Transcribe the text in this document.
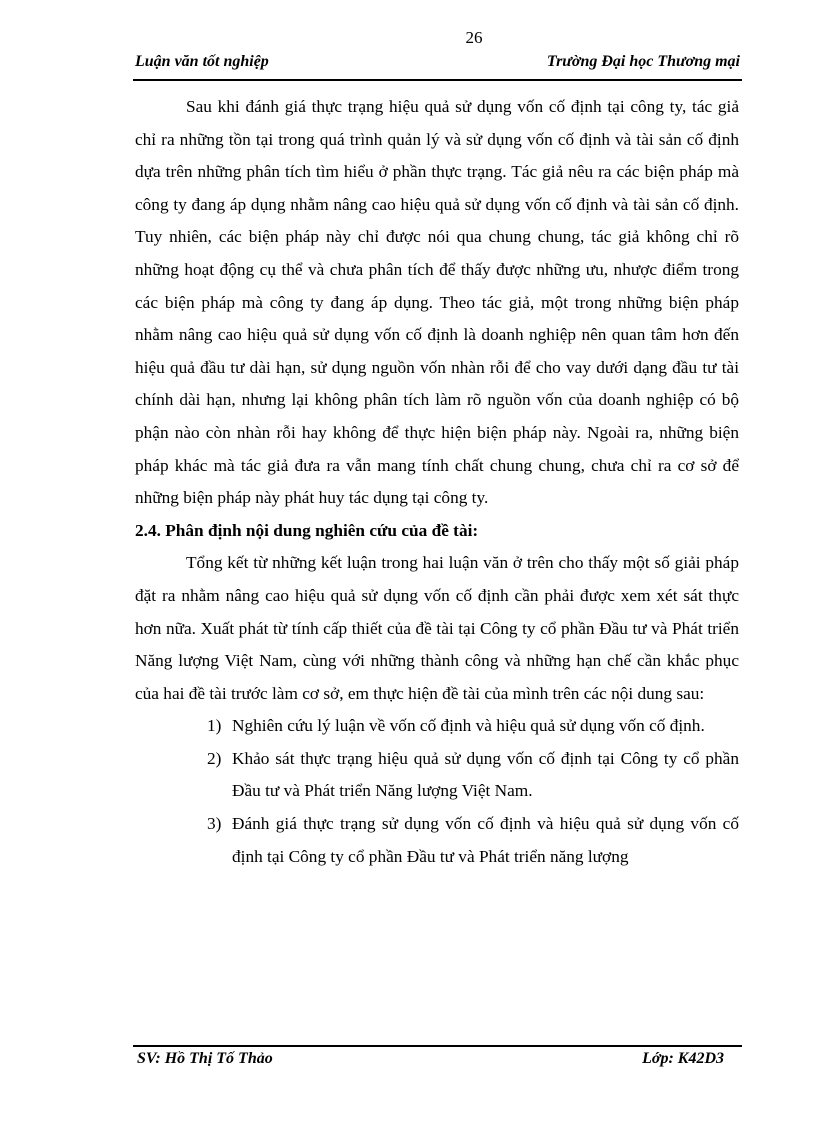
26
Luận văn tốt nghiệp	Trường Đại học Thương mại

Sau khi đánh giá thực trạng hiệu quả sử dụng vốn cố định tại công ty, tác giả chỉ ra những tồn tại trong quá trình quản lý và sử dụng vốn cố định và tài sản cố định dựa trên những phân tích tìm hiểu ở phần thực trạng. Tác giả nêu ra các biện pháp mà công ty đang áp dụng nhằm nâng cao hiệu quả sử dụng vốn cố định và tài sản cố định. Tuy nhiên, các biện pháp này chỉ được nói qua chung chung, tác giả không chỉ rõ những hoạt động cụ thể và chưa phân tích để thấy được những ưu, nhược điểm trong các biện pháp mà công ty đang áp dụng. Theo tác giả, một trong những biện pháp nhằm nâng cao hiệu quả sử dụng vốn cố định là doanh nghiệp nên quan tâm hơn đến hiệu quả đầu tư dài hạn, sử dụng nguồn vốn nhàn rỗi để cho vay dưới dạng đầu tư tài chính dài hạn, nhưng lại không phân tích làm rõ nguồn vốn của doanh nghiệp có bộ phận nào còn nhàn rỗi hay không để thực hiện biện pháp này. Ngoài ra, những biện pháp khác mà tác giả đưa ra vẫn mang tính chất chung chung, chưa chỉ ra cơ sở để những biện pháp này phát huy tác dụng tại công ty.

2.4. Phân định nội dung nghiên cứu của đề tài:

Tổng kết từ những kết luận trong hai luận văn ở trên cho thấy một số giải pháp đặt ra nhằm nâng cao hiệu quả sử dụng vốn cố định cần phải được xem xét sát thực hơn nữa. Xuất phát từ tính cấp thiết của đề tài tại Công ty cổ phần Đầu tư và Phát triển Năng lượng Việt Nam, cùng với những thành công và những hạn chế cần khắc phục của hai đề tài trước làm cơ sở, em thực hiện đề tài của mình trên các nội dung sau:

1) Nghiên cứu lý luận về vốn cố định và hiệu quả sử dụng vốn cố định.
2) Khảo sát thực trạng hiệu quả sử dụng vốn cố định tại Công ty cổ phần Đầu tư và Phát triển Năng lượng Việt Nam.
3) Đánh giá thực trạng sử dụng vốn cố định và hiệu quả sử dụng vốn cố định tại Công ty cổ phần Đầu tư và Phát triển năng lượng
SV: Hồ Thị Tố Thảo	Lớp: K42D3
